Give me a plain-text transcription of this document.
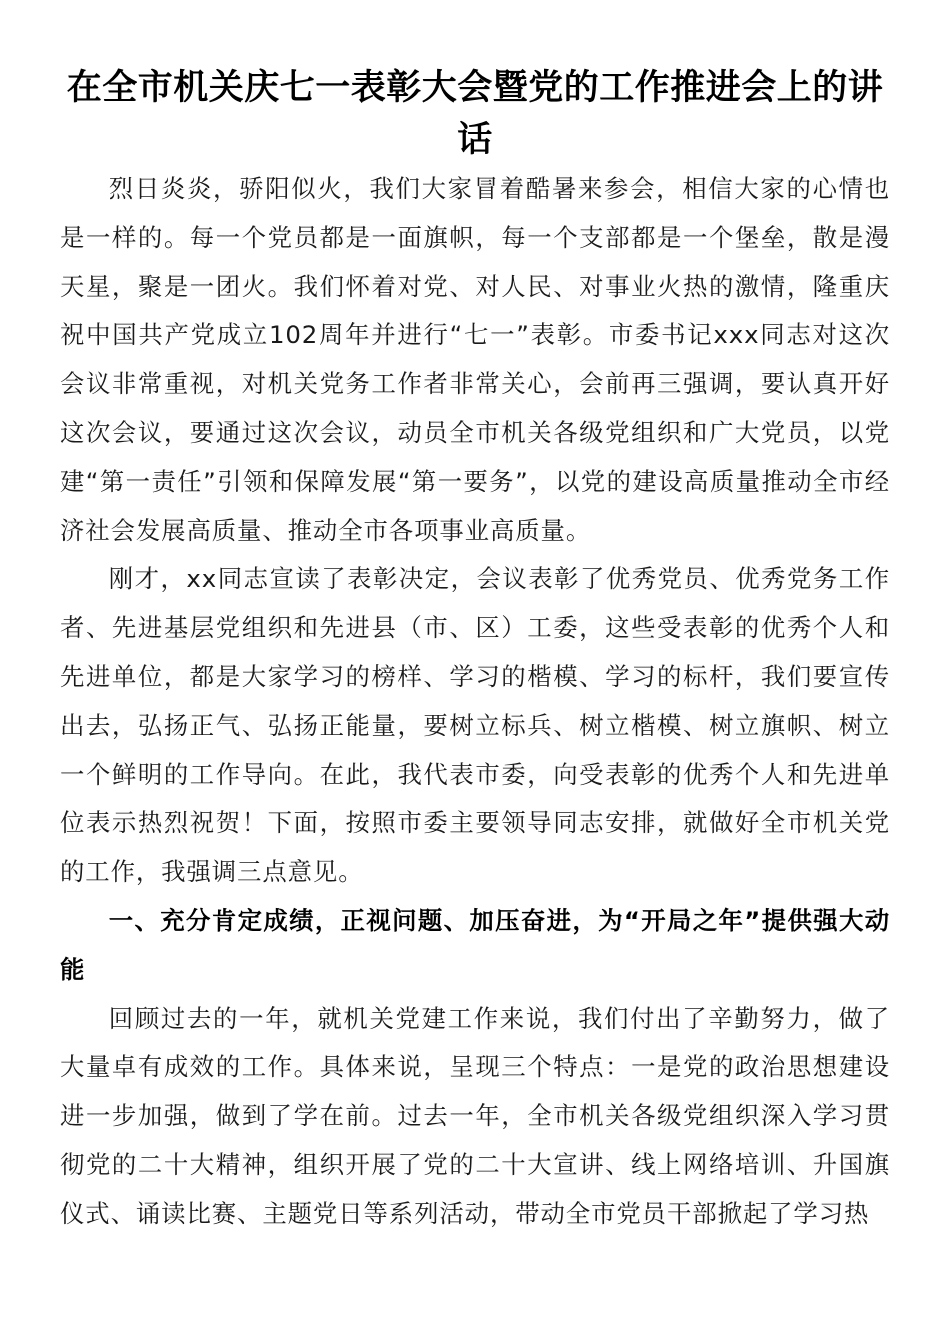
在全市机关庆七一表彰大会暨党的工作推进会上的讲话

烈日炎炎，骄阳似火，我们大家冒着酷暑来参会，相信大家的心情也是一样的。每一个党员都是一面旗帜，每一个支部都是一个堡垒，散是漫天星，聚是一团火。我们怀着对党、对人民、对事业火热的激情，隆重庆祝中国共产党成立102周年并进行“七一”表彰。市委书记xxx同志对这次会议非常重视，对机关党务工作者非常关心，会前再三强调，要认真开好这次会议，要通过这次会议，动员全市机关各级党组织和广大党员，以党建“第一责任”引领和保障发展“第一要务”，以党的建设高质量推动全市经济社会发展高质量、推动全市各项事业高质量。

刚才，xx同志宣读了表彰决定，会议表彰了优秀党员、优秀党务工作者、先进基层党组织和先进县（市、区）工委，这些受表彰的优秀个人和先进单位，都是大家学习的榜样、学习的楷模、学习的标杆，我们要宣传出去，弘扬正气、弘扬正能量，要树立标兵、树立楷模、树立旗帜、树立一个鲜明的工作导向。在此，我代表市委，向受表彰的优秀个人和先进单位表示热烈祝贺！下面，按照市委主要领导同志安排，就做好全市机关党的工作，我强调三点意见。

一、充分肯定成绩，正视问题、加压奋进，为“开局之年”提供强大动能

回顾过去的一年，就机关党建工作来说，我们付出了辛勤努力，做了大量卓有成效的工作。具体来说，呈现三个特点：一是党的政治思想建设进一步加强，做到了学在前。过去一年，全市机关各级党组织深入学习贯彻党的二十大精神，组织开展了党的二十大宣讲、线上网络培训、升国旗仪式、诵读比赛、主题党日等系列活动，带动全市党员干部掀起了学习热
